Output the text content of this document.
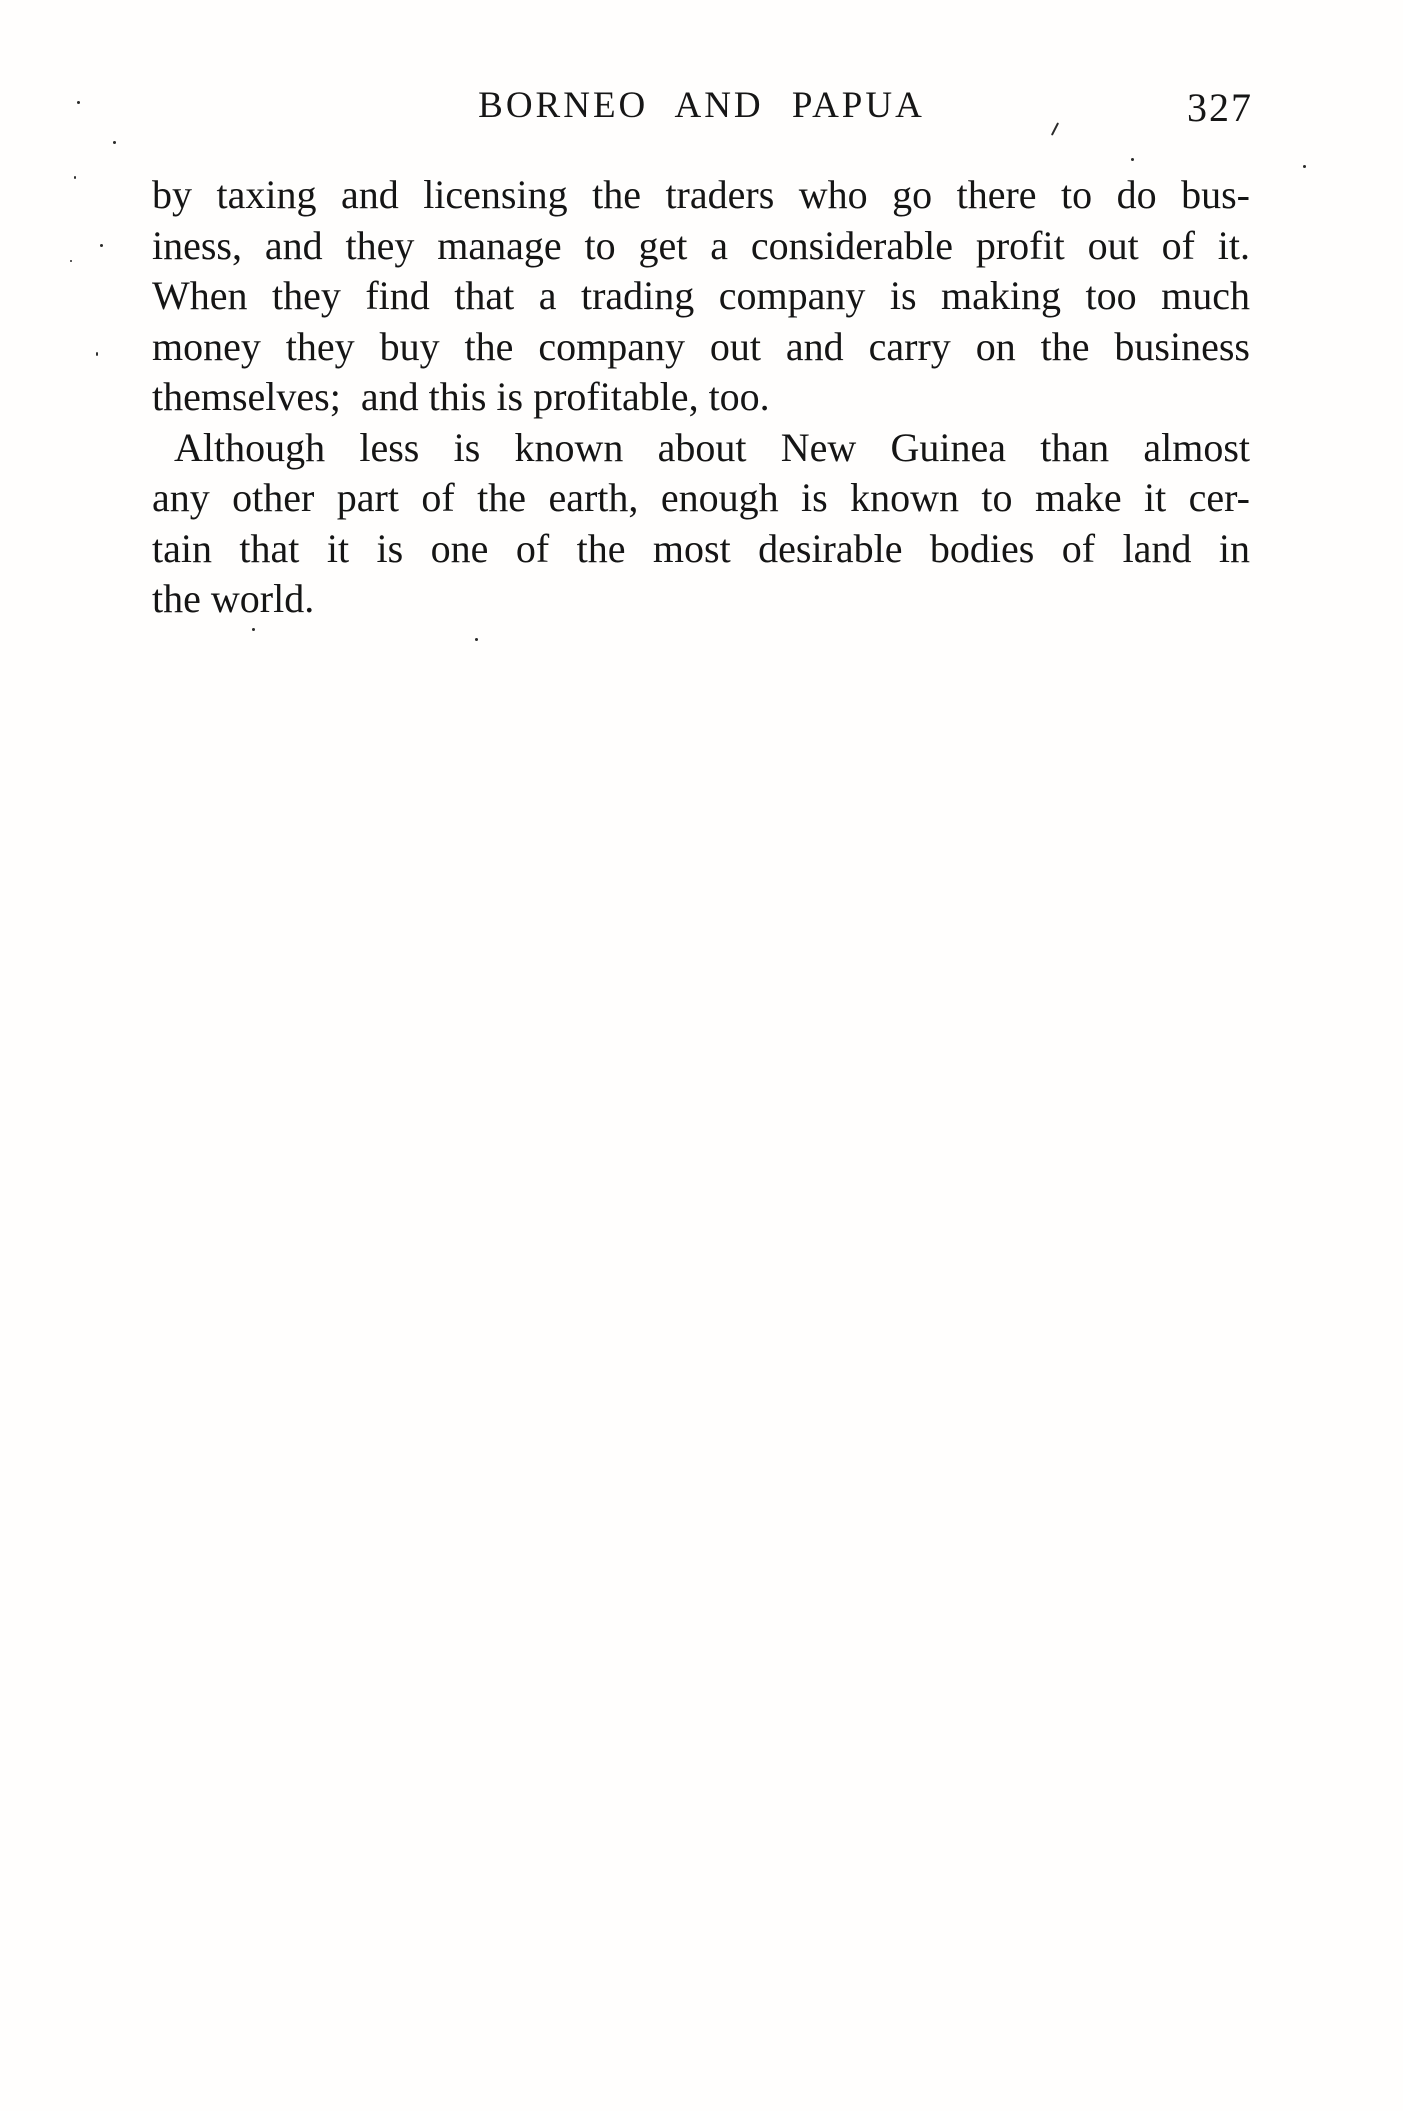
BORNEO AND PAPUA	327
by taxing and licensing the traders who go there to do bus-
iness, and they manage to get a considerable profit out of it.
When they find that a trading company is making too much
money they buy the company out and carry on the business
themselves; and this is profitable, too.
Although less is known about New Guinea than almost
any other part of the earth, enough is known to make it cer-
tain that it is one of the most desirable bodies of land in
the world.
